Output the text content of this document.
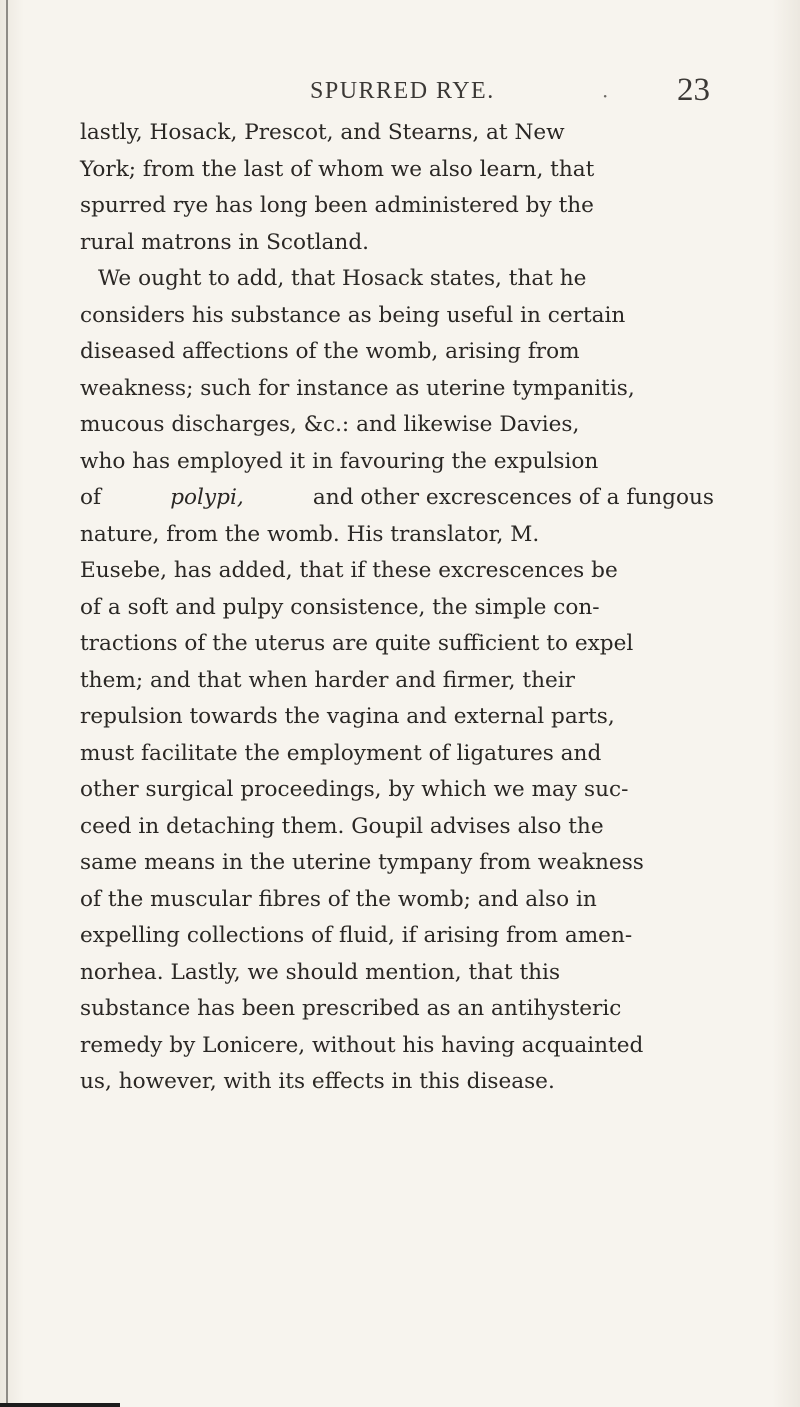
SPURRED RYE.	· 23
lastly, Hosack, Prescot, and Stearns, at New
York; from the last of whom we also learn, that
spurred rye has long been administered by the
rural matrons in Scotland.
We ought to add, that Hosack states, that he
considers his substance as being useful in certain
diseased affections of the womb, arising from
weakness; such for instance as uterine tympanitis,
mucous discharges, &c.: and likewise Davies,
who has employed it in favouring the expulsion
of	polypi,	and other excrescences of a fungous
nature, from the womb. His translator, M.
Eusebe, has added, that if these excrescences be
of a soft and pulpy consistence, the simple con-
tractions of the uterus are quite sufficient to expel
them; and that when harder and firmer, their
repulsion towards the vagina and external parts,
must facilitate the employment of ligatures and
other surgical proceedings, by which we may suc-
ceed in detaching them. Goupil advises also the
same means in the uterine tympany from weakness
of the muscular fibres of the womb; and also in
expelling collections of fluid, if arising from amen-
norhea. Lastly, we should mention, that this
substance has been prescribed as an antihysteric
remedy by Lonicere, without his having acquainted
us, however, with its effects in this disease.
